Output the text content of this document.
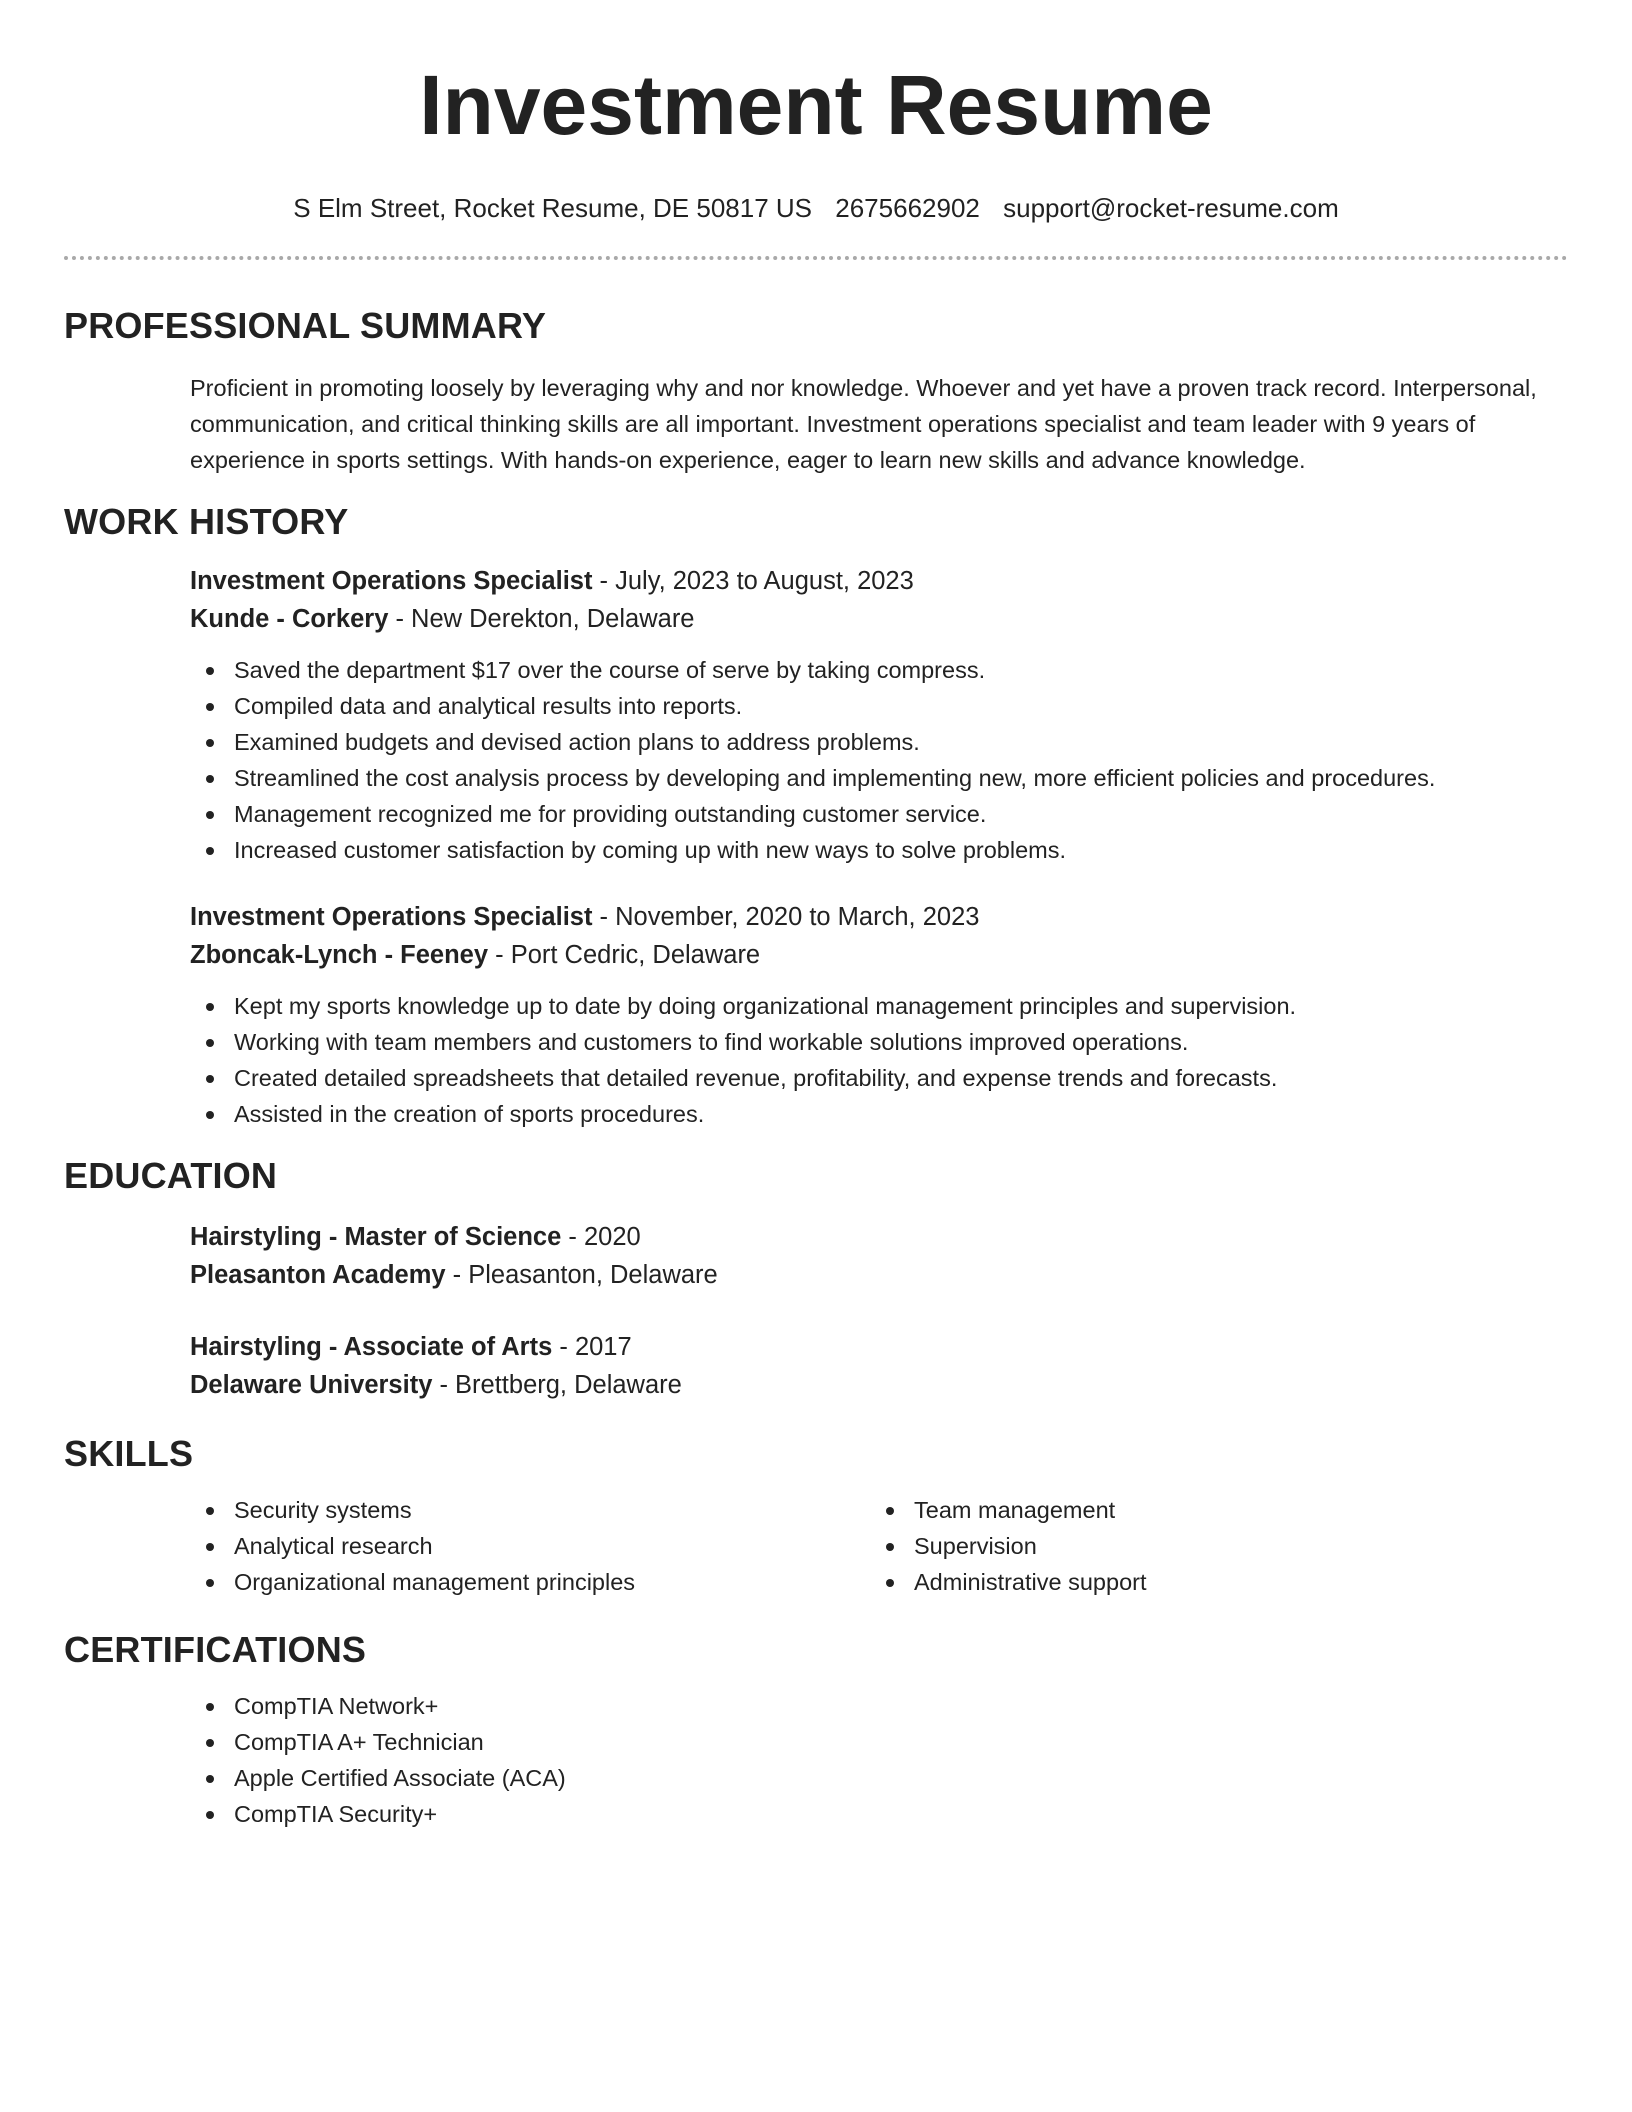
Investment Resume
S Elm Street, Rocket Resume, DE 50817 US 2675662902 support@rocket-resume.com
PROFESSIONAL SUMMARY

Proficient in promoting loosely by leveraging why and nor knowledge. Whoever and yet have a proven track record. Interpersonal, communication, and critical thinking skills are all important. Investment operations specialist and team leader with 9 years of experience in sports settings. With hands-on experience, eager to learn new skills and advance knowledge.

WORK HISTORY
Investment Operations Specialist - July, 2023 to August, 2023
Kunde - Corkery - New Derekton, Delaware
Saved the department $17 over the course of serve by taking compress.
Compiled data and analytical results into reports.
Examined budgets and devised action plans to address problems.
Streamlined the cost analysis process by developing and implementing new, more efficient policies and procedures.
Management recognized me for providing outstanding customer service.
Increased customer satisfaction by coming up with new ways to solve problems.
Investment Operations Specialist - November, 2020 to March, 2023
Zboncak-Lynch - Feeney - Port Cedric, Delaware
Kept my sports knowledge up to date by doing organizational management principles and supervision.
Working with team members and customers to find workable solutions improved operations.
Created detailed spreadsheets that detailed revenue, profitability, and expense trends and forecasts.
Assisted in the creation of sports procedures.
EDUCATION
Hairstyling - Master of Science - 2020
Pleasanton Academy - Pleasanton, Delaware
Hairstyling - Associate of Arts - 2017
Delaware University - Brettberg, Delaware
SKILLS
Security systems
Analytical research
Organizational management principles
Team management
Supervision
Administrative support
CERTIFICATIONS
CompTIA Network+
CompTIA A+ Technician
Apple Certified Associate (ACA)
CompTIA Security+
